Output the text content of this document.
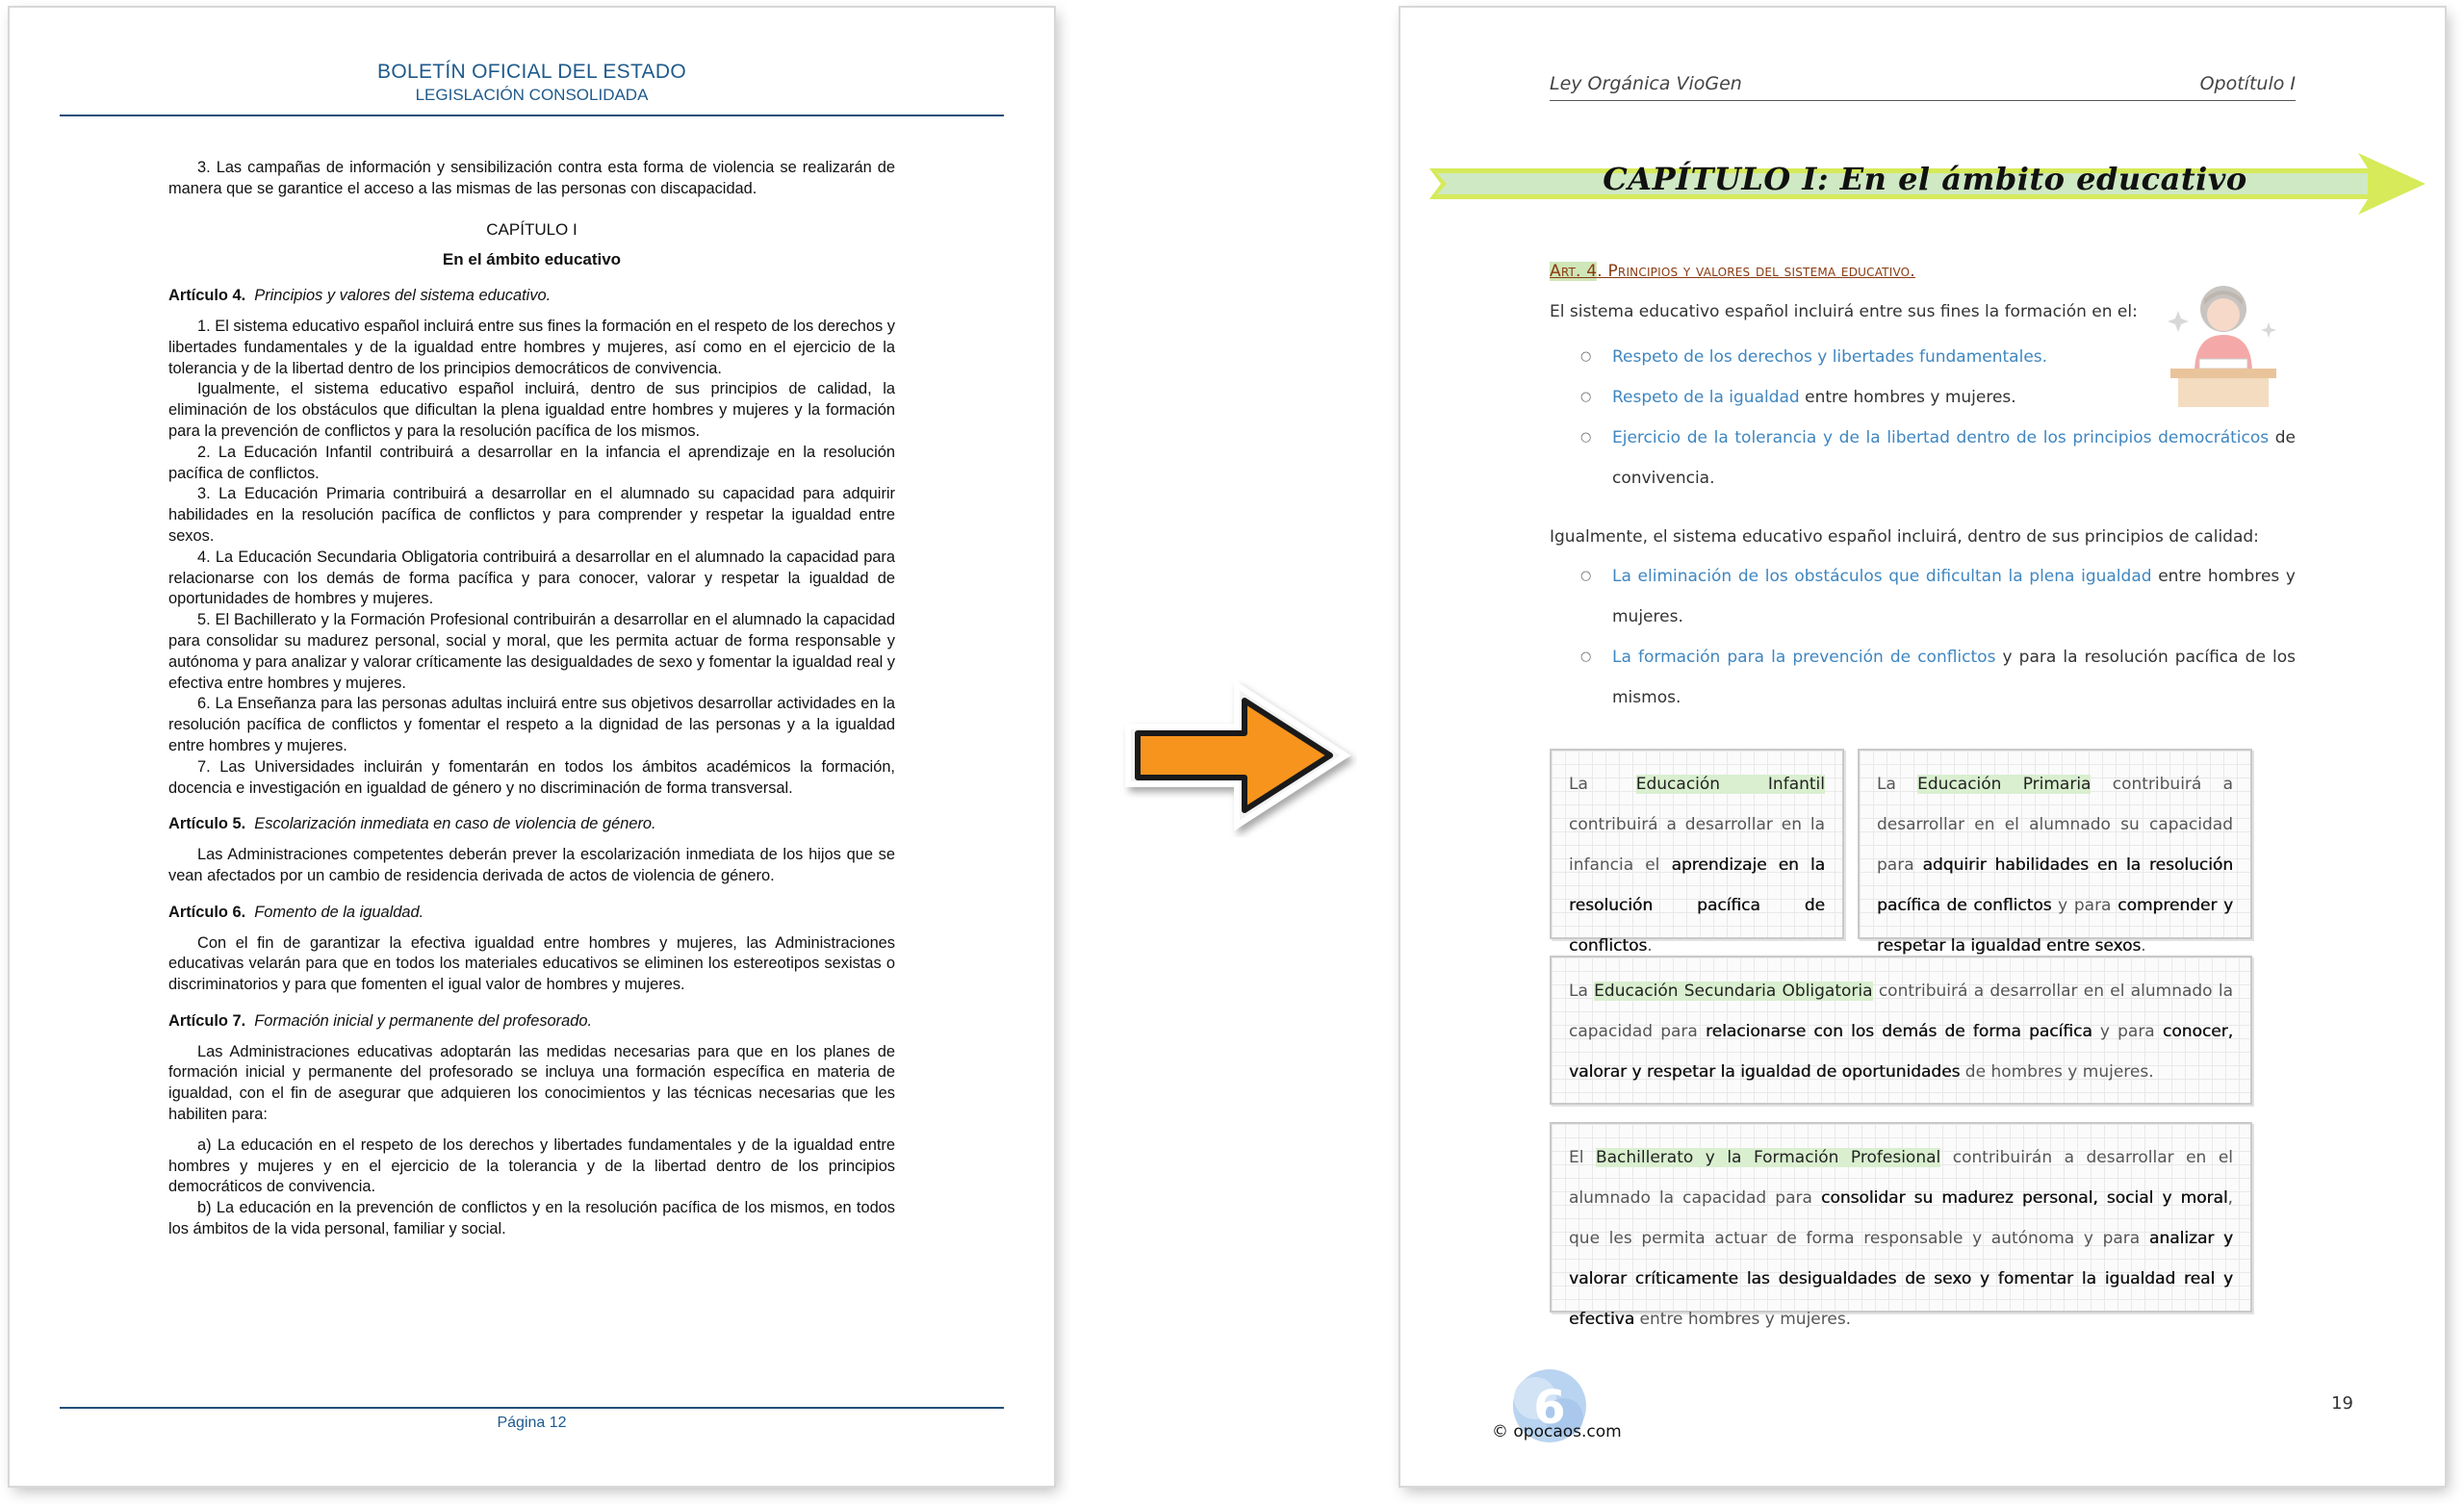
BOLETÍN OFICIAL DEL ESTADO
LEGISLACIÓN CONSOLIDADA

3. Las campañas de información y sensibilización contra esta forma de violencia se realizarán de manera que se garantice el acceso a las mismas de las personas con discapacidad.

CAPÍTULO I

En el ámbito educativo

Artículo 4. Principios y valores del sistema educativo.

1. El sistema educativo español incluirá entre sus fines la formación en el respeto de los derechos y libertades fundamentales y de la igualdad entre hombres y mujeres, así como en el ejercicio de la tolerancia y de la libertad dentro de los principios democráticos de convivencia.

Igualmente, el sistema educativo español incluirá, dentro de sus principios de calidad, la eliminación de los obstáculos que dificultan la plena igualdad entre hombres y mujeres y la formación para la prevención de conflictos y para la resolución pacífica de los mismos.

2. La Educación Infantil contribuirá a desarrollar en la infancia el aprendizaje en la resolución pacífica de conflictos.

3. La Educación Primaria contribuirá a desarrollar en el alumnado su capacidad para adquirir habilidades en la resolución pacífica de conflictos y para comprender y respetar la igualdad entre sexos.

4. La Educación Secundaria Obligatoria contribuirá a desarrollar en el alumnado la capacidad para relacionarse con los demás de forma pacífica y para conocer, valorar y respetar la igualdad de oportunidades de hombres y mujeres.

5. El Bachillerato y la Formación Profesional contribuirán a desarrollar en el alumnado la capacidad para consolidar su madurez personal, social y moral, que les permita actuar de forma responsable y autónoma y para analizar y valorar críticamente las desigualdades de sexo y fomentar la igualdad real y efectiva entre hombres y mujeres.

6. La Enseñanza para las personas adultas incluirá entre sus objetivos desarrollar actividades en la resolución pacífica de conflictos y fomentar el respeto a la dignidad de las personas y a la igualdad entre hombres y mujeres.

7. Las Universidades incluirán y fomentarán en todos los ámbitos académicos la formación, docencia e investigación en igualdad de género y no discriminación de forma transversal.

Artículo 5. Escolarización inmediata en caso de violencia de género.

Las Administraciones competentes deberán prever la escolarización inmediata de los hijos que se vean afectados por un cambio de residencia derivada de actos de violencia de género.

Artículo 6. Fomento de la igualdad.

Con el fin de garantizar la efectiva igualdad entre hombres y mujeres, las Administraciones educativas velarán para que en todos los materiales educativos se eliminen los estereotipos sexistas o discriminatorios y para que fomenten el igual valor de hombres y mujeres.

Artículo 7. Formación inicial y permanente del profesorado.

Las Administraciones educativas adoptarán las medidas necesarias para que en los planes de formación inicial y permanente del profesorado se incluya una formación específica en materia de igualdad, con el fin de asegurar que adquieren los conocimientos y las técnicas necesarias que les habiliten para:

a) La educación en el respeto de los derechos y libertades fundamentales y de la igualdad entre hombres y mujeres y en el ejercicio de la tolerancia y de la libertad dentro de los principios democráticos de convivencia.

b) La educación en la prevención de conflictos y en la resolución pacífica de los mismos, en todos los ámbitos de la vida personal, familiar y social.

Página 12
Ley Orgánica VioGen	Opotítulo I
CAPÍTULO I: En el ámbito educativo
Art. 4. Principios y valores del sistema educativo.
El sistema educativo español incluirá entre sus fines la formación en el:
○ Respeto de los derechos y libertades fundamentales.
○ Respeto de la igualdad entre hombres y mujeres.
○ Ejercicio de la tolerancia y de la libertad dentro de los principios democráticos de convivencia.
Igualmente, el sistema educativo español incluirá, dentro de sus principios de calidad:
○ La eliminación de los obstáculos que dificultan la plena igualdad entre hombres y mujeres.
○ La formación para la prevención de conflictos y para la resolución pacífica de los mismos.
La Educación Infantil contribuirá a desarrollar en la infancia el aprendizaje en la resolución pacífica de conflictos.
La Educación Primaria contribuirá a desarrollar en el alumnado su capacidad para adquirir habilidades en la resolución pacífica de conflictos y para comprender y respetar la igualdad entre sexos.
La Educación Secundaria Obligatoria contribuirá a desarrollar en el alumnado la capacidad para relacionarse con los demás de forma pacífica y para conocer, valorar y respetar la igualdad de oportunidades de hombres y mujeres.
El Bachillerato y la Formación Profesional contribuirán a desarrollar en el alumnado la capacidad para consolidar su madurez personal, social y moral, que les permita actuar de forma responsable y autónoma y para analizar y valorar críticamente las desigualdades de sexo y fomentar la igualdad real y efectiva entre hombres y mujeres.
6
© opocaos.com
19
